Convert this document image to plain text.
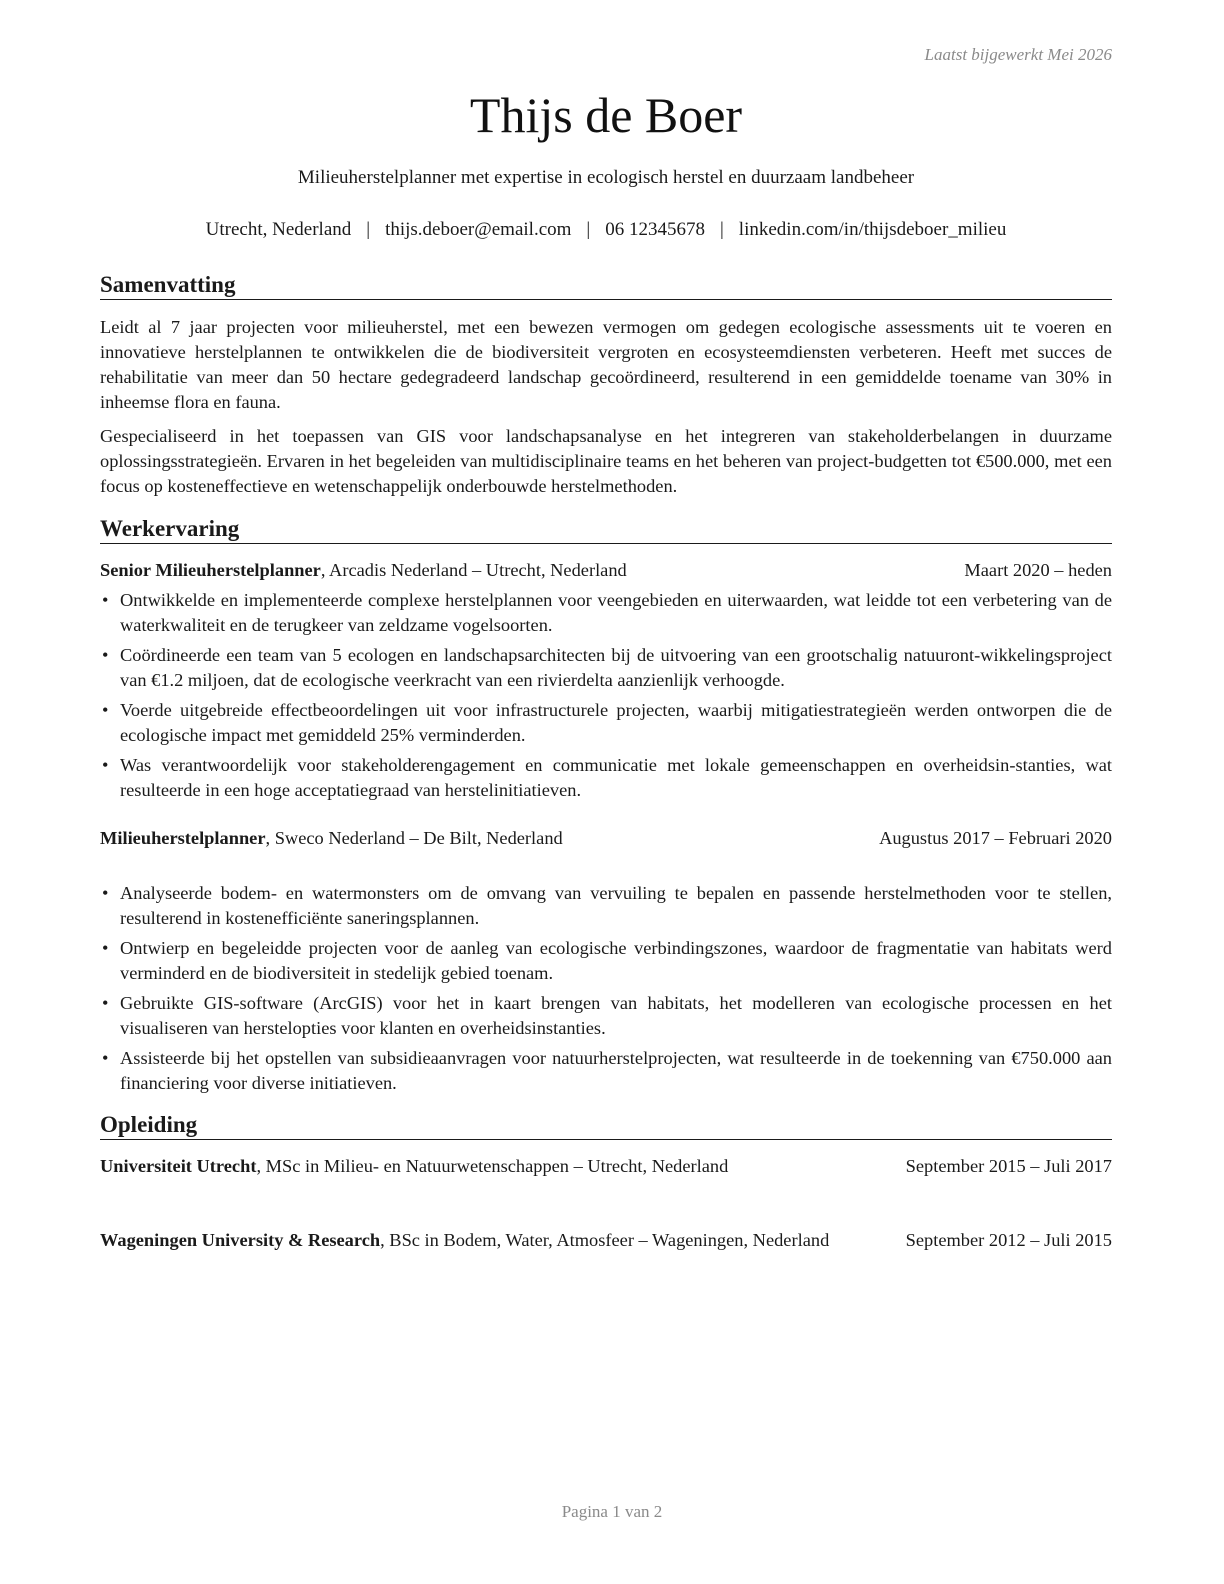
Laatst bijgewerkt Mei 2026
Thijs de Boer
Milieuherstelplanner met expertise in ecologisch herstel en duurzaam landbeheer
Utrecht, Nederland | thijs.deboer@email.com | 06 12345678 | linkedin.com/in/thijsdeboer_milieu
Samenvatting
Leidt al 7 jaar projecten voor milieuherstel, met een bewezen vermogen om gedegen ecologische assessments uit te voeren en innovatieve herstelplannen te ontwikkelen die de biodiversiteit vergroten en ecosysteemdiensten verbeteren. Heeft met succes de rehabilitatie van meer dan 50 hectare gedegradeerd landschap gecoördineerd, resulterend in een gemiddelde toename van 30% in inheemse flora en fauna.
Gespecialiseerd in het toepassen van GIS voor landschapsanalyse en het integreren van stakeholderbelangen in duurzame oplossingsstrategieën. Ervaren in het begeleiden van multidisciplinaire teams en het beheren van project-budgetten tot €500.000, met een focus op kosteneffectieve en wetenschappelijk onderbouwde herstelmethoden.
Werkervaring
Senior Milieuherstelplanner, Arcadis Nederland – Utrecht, Nederland	Maart 2020 – heden
• Ontwikkelde en implementeerde complexe herstelplannen voor veengebieden en uiterwaarden, wat leidde tot een verbetering van de waterkwaliteit en de terugkeer van zeldzame vogelsoorten.
• Coördineerde een team van 5 ecologen en landschapsarchitecten bij de uitvoering van een grootschalig natuuront-wikkelingsproject van €1.2 miljoen, dat de ecologische veerkracht van een rivierdelta aanzienlijk verhoogde.
• Voerde uitgebreide effectbeoordelingen uit voor infrastructurele projecten, waarbij mitigatiestrategieën werden ontworpen die de ecologische impact met gemiddeld 25% verminderden.
• Was verantwoordelijk voor stakeholderengagement en communicatie met lokale gemeenschappen en overheidsin-stanties, wat resulteerde in een hoge acceptatiegraad van herstelinitiatieven.
Milieuherstelplanner, Sweco Nederland – De Bilt, Nederland	Augustus 2017 – Februari 2020
• Analyseerde bodem- en watermonsters om de omvang van vervuiling te bepalen en passende herstelmethoden voor te stellen, resulterend in kostenefficiënte saneringsplannen.
• Ontwierp en begeleidde projecten voor de aanleg van ecologische verbindingszones, waardoor de fragmentatie van habitats werd verminderd en de biodiversiteit in stedelijk gebied toenam.
• Gebruikte GIS-software (ArcGIS) voor het in kaart brengen van habitats, het modelleren van ecologische processen en het visualiseren van herstelopties voor klanten en overheidsinstanties.
• Assisteerde bij het opstellen van subsidieaanvragen voor natuurherstelprojecten, wat resulteerde in de toekenning van €750.000 aan financiering voor diverse initiatieven.
Opleiding
Universiteit Utrecht, MSc in Milieu- en Natuurwetenschappen – Utrecht, Nederland	September 2015 – Juli 2017
Wageningen University & Research, BSc in Bodem, Water, Atmosfeer – Wageningen, Nederland	September 2012 – Juli 2015
Pagina 1 van 2
